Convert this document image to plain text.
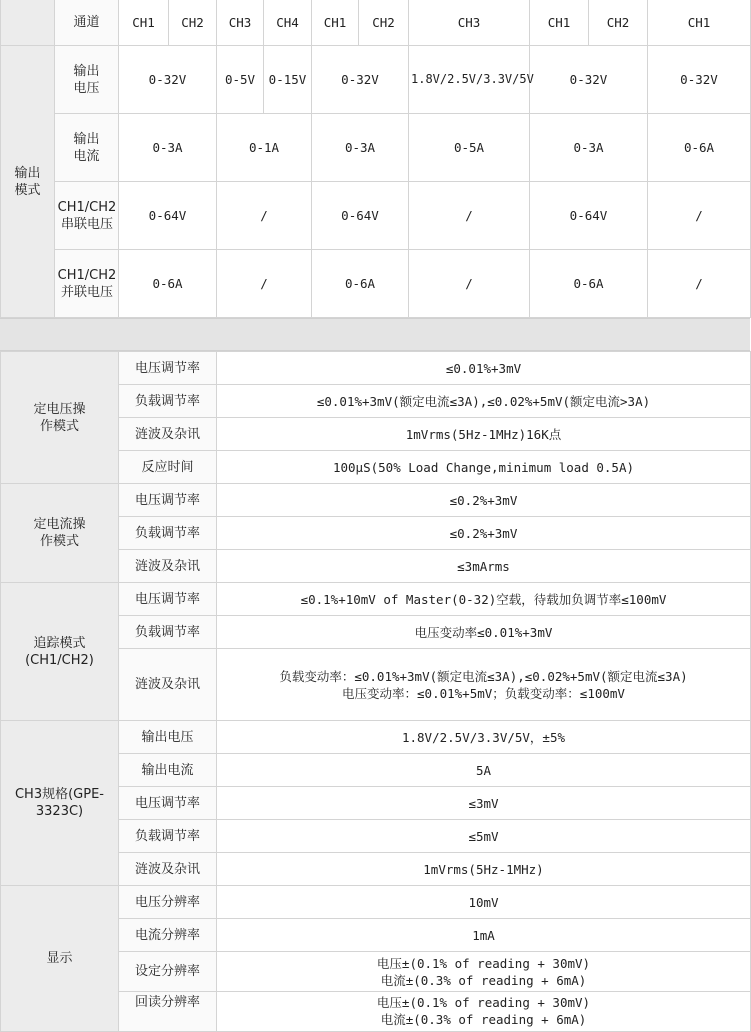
	通道	CH1	CH2	CH3	CH4	CH1	CH2	CH3	CH1	CH2	CH1

输出模式	输出电压	0-32V		0-5V	0-15V	0-32V		1.8V/2.5V/3.3V/5V	0-32V		0-32V

	输出电流	0-3A		0-1A		0-3A		0-5A	0-3A		0-6A

	CH1/CH2串联电压	0-64V		/		0-64V		/	0-64V		/

	CH1/CH2并联电压	0-6A		/		0-6A		/	0-6A		/
定电压操作模式	电压调节率	≤0.01%+3mV
	负载调节率	≤0.01%+3mV(额定电流≤3A),≤0.02%+5mV(额定电流>3A)
	涟波及杂讯	1mVrms(5Hz-1MHz)16K点
	反应时间	100μS(50% Load Change,minimum load 0.5A)

定电流操作模式	电压调节率	≤0.2%+3mV
	负载调节率	≤0.2%+3mV
	涟波及杂讯	≤3mArms

追踪模式(CH1/CH2)	电压调节率	≤0.1%+10mV of Master(0-32)空载，待载加负调节率≤100mV
	负载调节率	电压变动率≤0.01%+3mV
	涟波及杂讯	负载变动率：≤0.01%+3mV(额定电流≤3A),≤0.02%+5mV(额定电流≤3A)
电压变动率：≤0.01%+5mV；负载变动率：≤100mV

CH3规格(GPE-3323C)	输出电压	1.8V/2.5V/3.3V/5V，±5%
	输出电流	5A
	电压调节率	≤3mV
	负载调节率	≤5mV
	涟波及杂讯	1mVrms(5Hz-1MHz)
显示	电压分辨率	10mV
	电流分辨率	1mA
	设定分辨率	电压±(0.1% of reading + 30mV)
电流±(0.3% of reading + 6mA)

	回读分辨率	电压±(0.1% of reading + 30mV)
电流±(0.3% of reading + 6mA)
